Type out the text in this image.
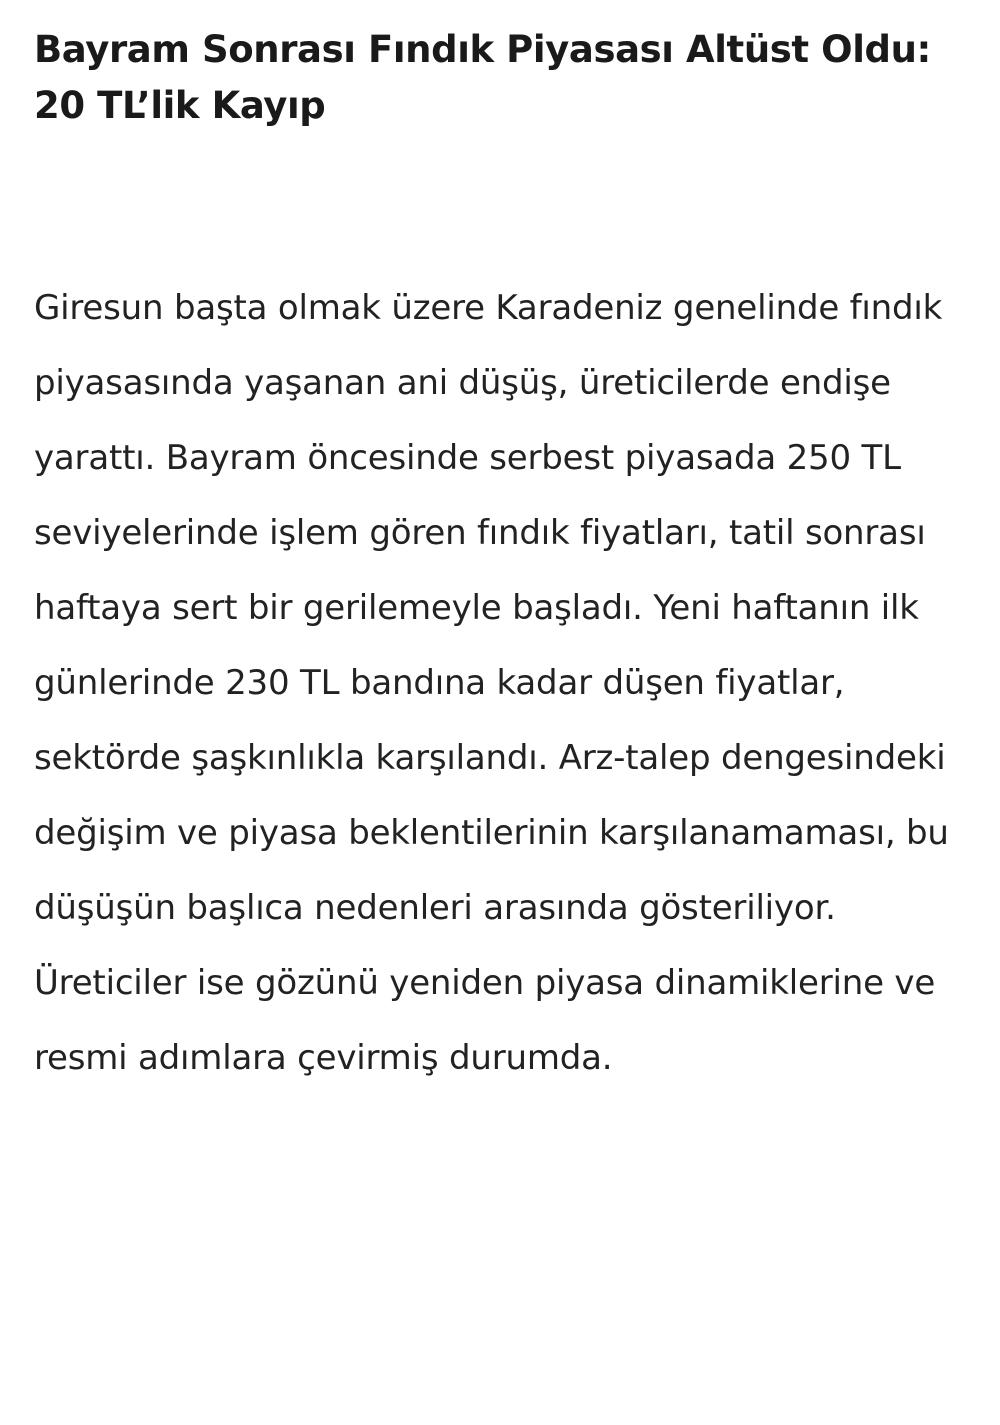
Bayram Sonrası Fındık Piyasası Altüst Oldu: 20 TL’lik Kayıp

Giresun başta olmak üzere Karadeniz genelinde fındık piyasasında yaşanan ani düşüş, üreticilerde endişe yarattı. Bayram öncesinde serbest piyasada 250 TL seviyelerinde işlem gören fındık fiyatları, tatil sonrası haftaya sert bir gerilemeyle başladı. Yeni haftanın ilk günlerinde 230 TL bandına kadar düşen fiyatlar, sektörde şaşkınlıkla karşılandı. Arz-talep dengesindeki değişim ve piyasa beklentilerinin karşılanamaması, bu düşüşün başlıca nedenleri arasında gösteriliyor. Üreticiler ise gözünü yeniden piyasa dinamiklerine ve resmi adımlara çevirmiş durumda.
